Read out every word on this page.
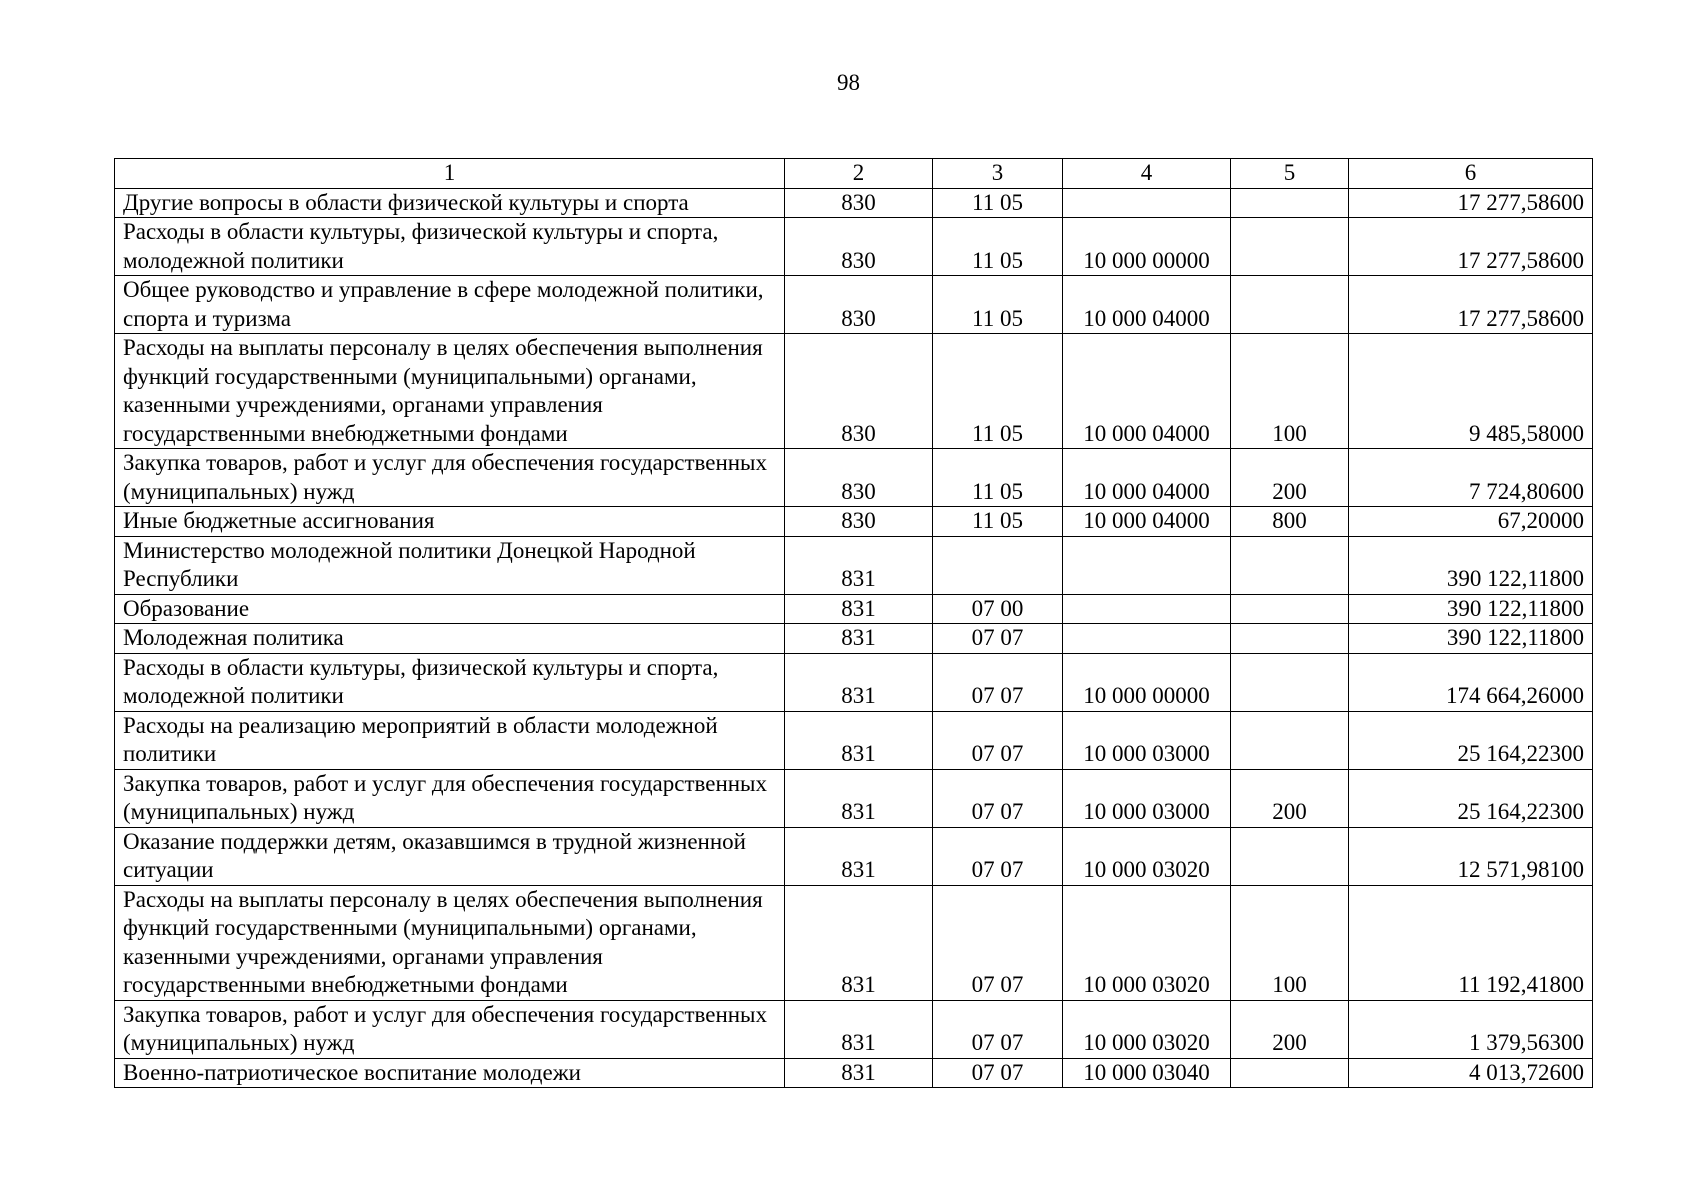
98
1	2	3	4	5	6
Другие вопросы в области физической культуры и спорта	830	11 05			17 277,58600
Расходы в области культуры, физической культуры и спорта, молодежной политики	830	11 05	10 000 00000		17 277,58600
Общее руководство и управление в сфере молодежной политики, спорта и туризма	830	11 05	10 000 04000		17 277,58600
Расходы на выплаты персоналу в целях обеспечения выполнения функций государственными (муниципальными) органами, казенными учреждениями, органами управления государственными внебюджетными фондами	830	11 05	10 000 04000	100	9 485,58000
Закупка товаров, работ и услуг для обеспечения государственных (муниципальных) нужд	830	11 05	10 000 04000	200	7 724,80600
Иные бюджетные ассигнования	830	11 05	10 000 04000	800	67,20000
Министерство молодежной политики Донецкой Народной Республики	831				390 122,11800
Образование	831	07 00			390 122,11800
Молодежная политика	831	07 07			390 122,11800
Расходы в области культуры, физической культуры и спорта, молодежной политики	831	07 07	10 000 00000		174 664,26000
Расходы на реализацию мероприятий в области молодежной политики	831	07 07	10 000 03000		25 164,22300
Закупка товаров, работ и услуг для обеспечения государственных (муниципальных) нужд	831	07 07	10 000 03000	200	25 164,22300
Оказание поддержки детям, оказавшимся в трудной жизненной ситуации	831	07 07	10 000 03020		12 571,98100
Расходы на выплаты персоналу в целях обеспечения выполнения функций государственными (муниципальными) органами, казенными учреждениями, органами управления государственными внебюджетными фондами	831	07 07	10 000 03020	100	11 192,41800
Закупка товаров, работ и услуг для обеспечения государственных (муниципальных) нужд	831	07 07	10 000 03020	200	1 379,56300
Военно-патриотическое воспитание молодежи	831	07 07	10 000 03040		4 013,72600
